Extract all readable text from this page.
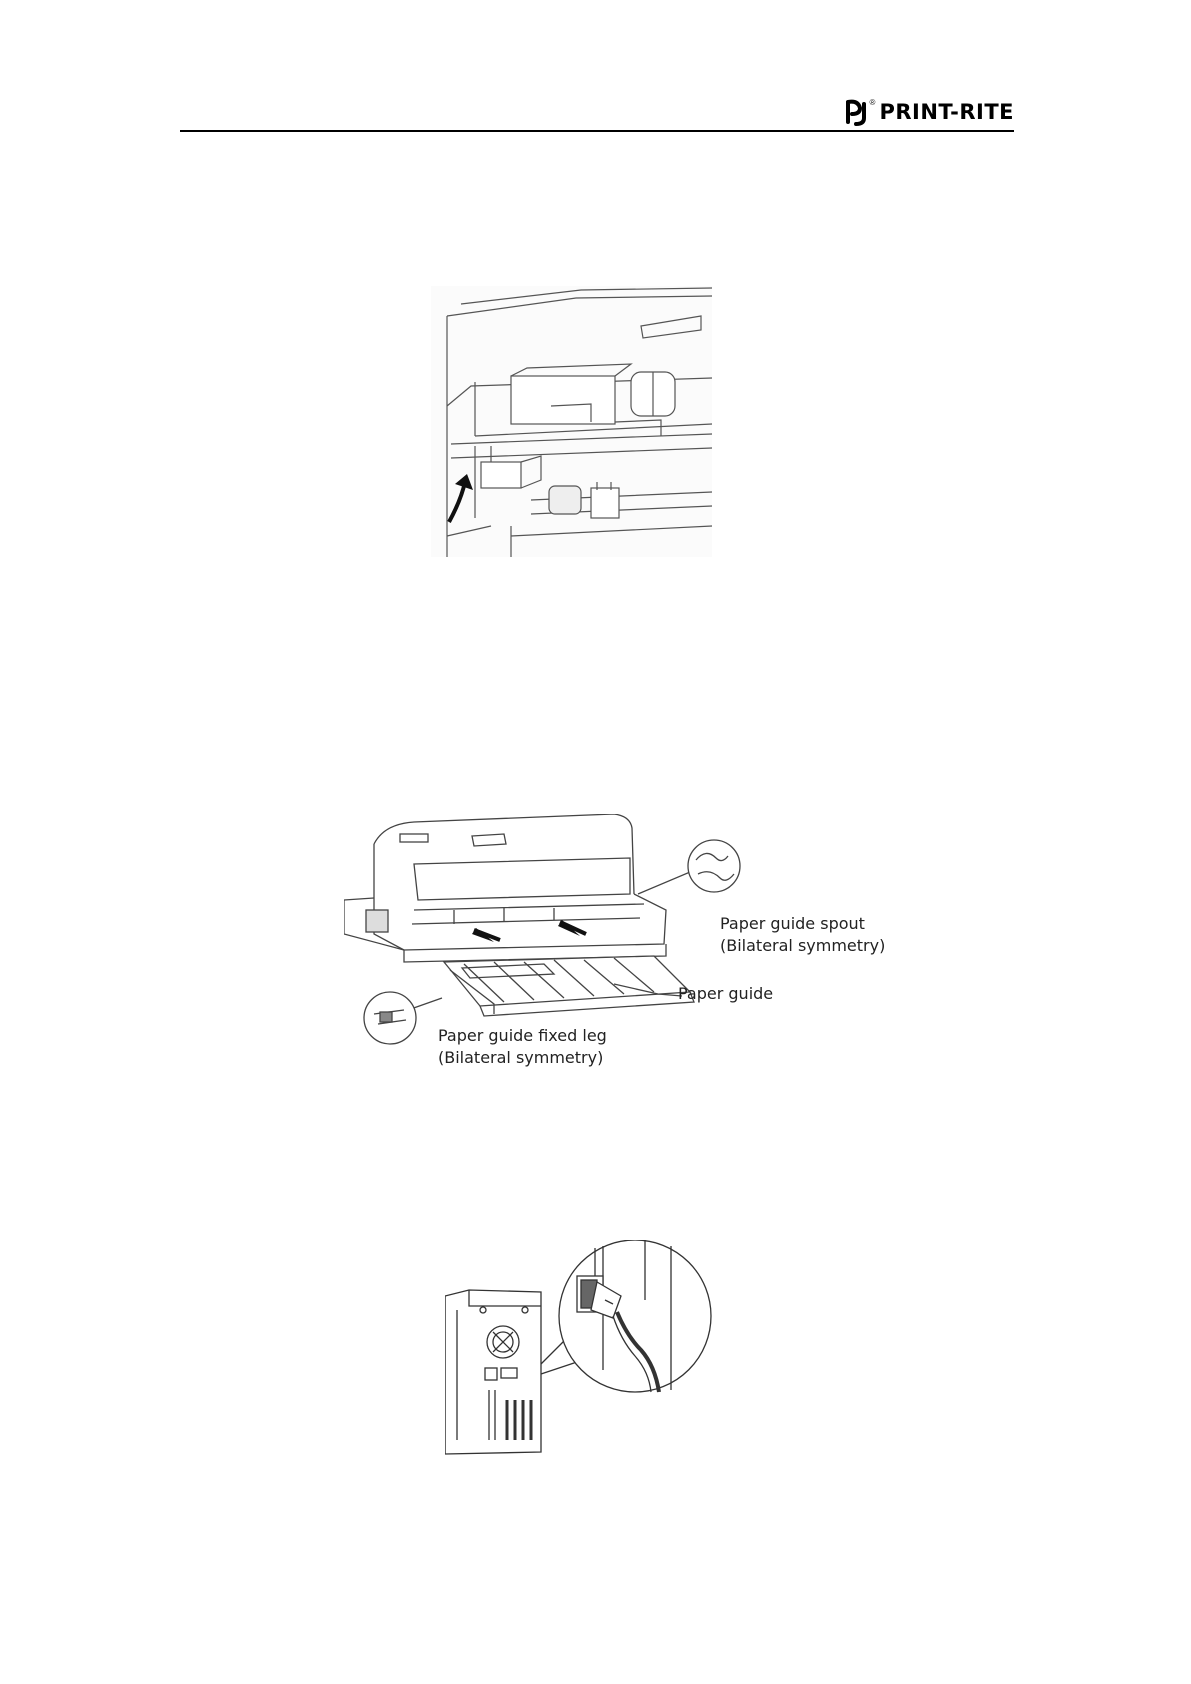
® PRINT-RITE
Paper guide spout
(Bilateral symmetry)
Paper guide
Paper guide fixed leg
(Bilateral symmetry)
